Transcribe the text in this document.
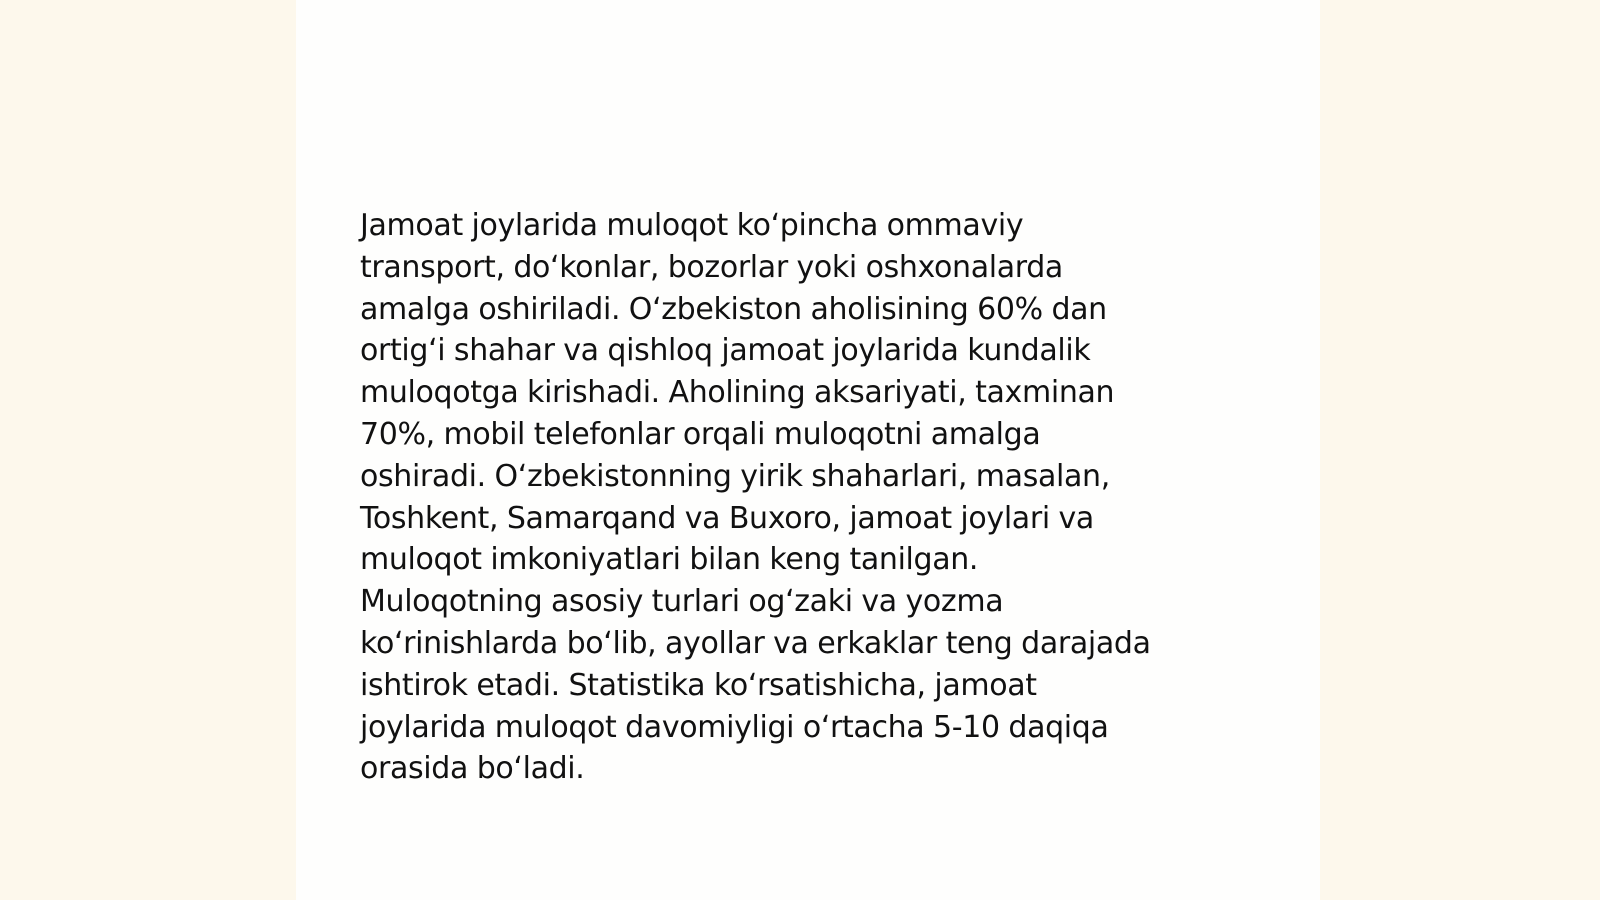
Jamoat joylarida muloqot ko‘pincha ommaviy
transport, do‘konlar, bozorlar yoki oshxonalarda
amalga oshiriladi. O‘zbekiston aholisining 60% dan
ortig‘i shahar va qishloq jamoat joylarida kundalik
muloqotga kirishadi. Aholining aksariyati, taxminan
70%, mobil telefonlar orqali muloqotni amalga
oshiradi. O‘zbekistonning yirik shaharlari, masalan,
Toshkent, Samarqand va Buxoro, jamoat joylari va
muloqot imkoniyatlari bilan keng tanilgan.
Muloqotning asosiy turlari og‘zaki va yozma
ko‘rinishlarda bo‘lib, ayollar va erkaklar teng darajada
ishtirok etadi. Statistika ko‘rsatishicha, jamoat
joylarida muloqot davomiyligi o‘rtacha 5-10 daqiqa
orasida bo‘ladi.
